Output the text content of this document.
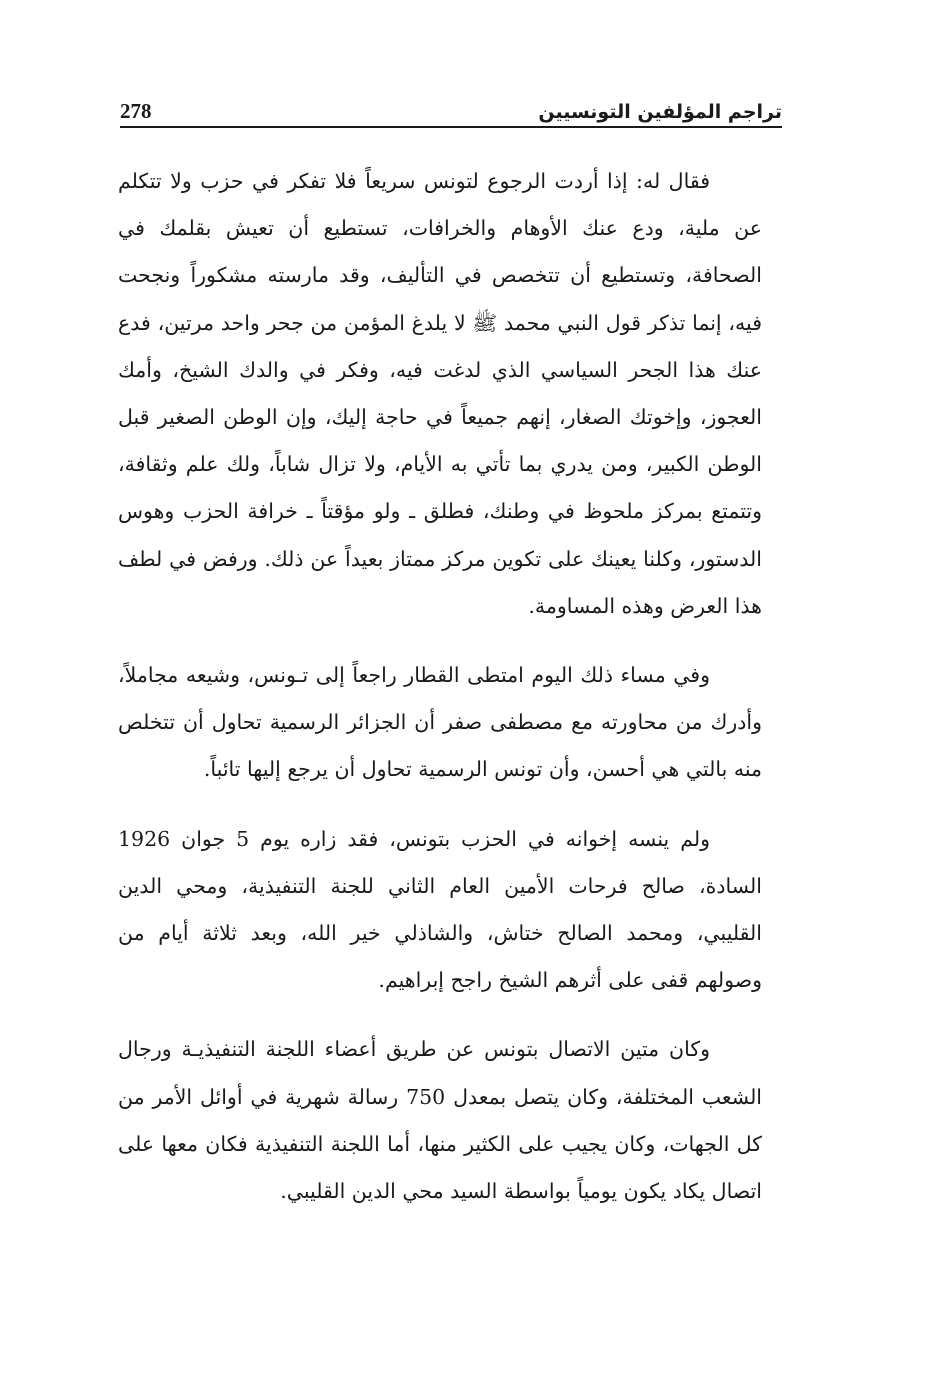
تراجم المؤلفين التونسيين
278

فقال له: إذا أردت الرجوع لتونس سريعاً فلا تفكر في حزب ولا تتكلم عن ملية، ودع عنك الأوهام والخرافات، تستطيع أن تعيش بقلمك في الصحافة، وتستطيع أن تتخصص في التأليف، وقد مارسته مشكوراً ونجحت فيه، إنما تذكر قول النبي محمد ﷺ لا يلدغ المؤمن من جحر واحد مرتين، فدع عنك هذا الجحر السياسي الذي لدغت فيه، وفكر في والدك الشيخ، وأمك العجوز، وإخوتك الصغار، إنهم جميعاً في حاجة إليك، وإن الوطن الصغير قبل الوطن الكبير، ومن يدري بما تأتي به الأيام، ولا تزال شاباً، ولك علم وثقافة، وتتمتع بمركز ملحوظ في وطنك، فطلق ـ ولو مؤقتاً ـ خرافة الحزب وهوس الدستور، وكلنا يعينك على تكوين مركز ممتاز بعيداً عن ذلك. ورفض في لطف هذا العرض وهذه المساومة.

وفي مساء ذلك اليوم امتطى القطار راجعاً إلى تـونس، وشيعه مجاملاً، وأدرك من محاورته مع مصطفى صفر أن الجزائر الرسمية تحاول أن تتخلص منه بالتي هي أحسن، وأن تونس الرسمية تحاول أن يرجع إليها تائباً.

ولم ينسه إخوانه في الحزب بتونس، فقد زاره يوم 5 جوان 1926 السادة، صالح فرحات الأمين العام الثاني للجنة التنفيذية، ومحي الدين القليبي، ومحمد الصالح ختاش، والشاذلي خير الله، وبعد ثلاثة أيام من وصولهم قفى على أثرهم الشيخ راجح إبراهيم.

وكان متين الاتصال بتونس عن طريق أعضاء اللجنة التنفيذيـة ورجال الشعب المختلفة، وكان يتصل بمعدل 750 رسالة شهرية في أوائل الأمر من كل الجهات، وكان يجيب على الكثير منها، أما اللجنة التنفيذية فكان معها على اتصال يكاد يكون يومياً بواسطة السيد محي الدين القليبي.
